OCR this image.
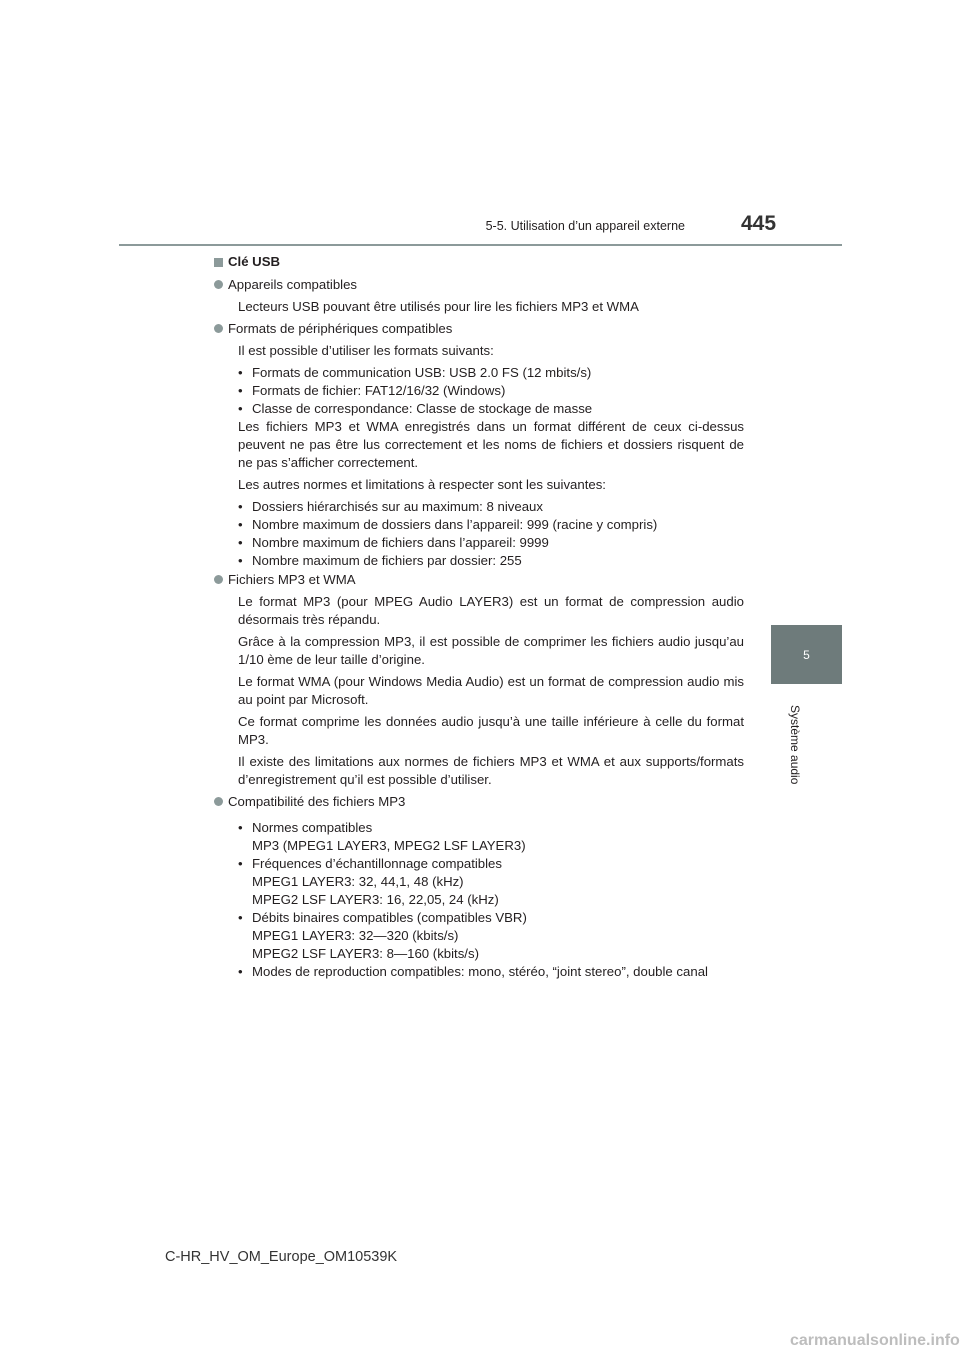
5-5. Utilisation d’un appareil externe	445
5
Système audio
Clé USB
Appareils compatibles
Lecteurs USB pouvant être utilisés pour lire les fichiers MP3 et WMA
Formats de périphériques compatibles
Il est possible d’utiliser les formats suivants:
• Formats de communication USB: USB 2.0 FS (12 mbits/s)
• Formats de fichier: FAT12/16/32 (Windows)
• Classe de correspondance: Classe de stockage de masse
Les fichiers MP3 et WMA enregistrés dans un format différent de ceux ci-dessus peuvent ne pas être lus correctement et les noms de fichiers et dossiers risquent de ne pas s’afficher correctement.
Les autres normes et limitations à respecter sont les suivantes:
• Dossiers hiérarchisés sur au maximum: 8 niveaux
• Nombre maximum de dossiers dans l’appareil: 999 (racine y compris)
• Nombre maximum de fichiers dans l’appareil: 9999
• Nombre maximum de fichiers par dossier: 255
Fichiers MP3 et WMA
Le format MP3 (pour MPEG Audio LAYER3) est un format de compression audio désormais très répandu.
Grâce à la compression MP3, il est possible de comprimer les fichiers audio jusqu’au 1/10 ème de leur taille d’origine.
Le format WMA (pour Windows Media Audio) est un format de compression audio mis au point par Microsoft.
Ce format comprime les données audio jusqu’à une taille inférieure à celle du format MP3.
Il existe des limitations aux normes de fichiers MP3 et WMA et aux supports/formats d’enregistrement qu’il est possible d’utiliser.
Compatibilité des fichiers MP3
• Normes compatibles
MP3 (MPEG1 LAYER3, MPEG2 LSF LAYER3)
• Fréquences d’échantillonnage compatibles
MPEG1 LAYER3: 32, 44,1, 48 (kHz)
MPEG2 LSF LAYER3: 16, 22,05, 24 (kHz)
• Débits binaires compatibles (compatibles VBR)
MPEG1 LAYER3: 32—320 (kbits/s)
MPEG2 LSF LAYER3: 8—160 (kbits/s)
• Modes de reproduction compatibles: mono, stéréo, “joint stereo”, double canal
C-HR_HV_OM_Europe_OM10539K
carmanualsonline.info
